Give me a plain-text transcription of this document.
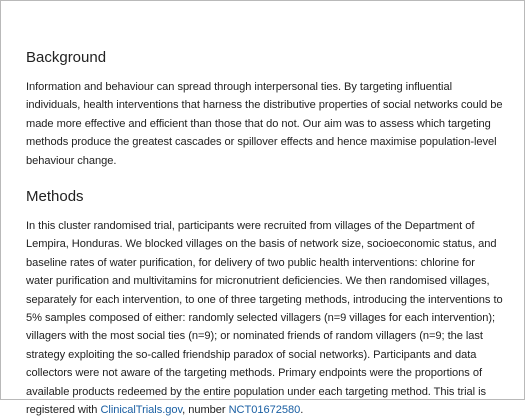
Background

Information and behaviour can spread through interpersonal ties. By targeting influential individuals, health interventions that harness the distributive properties of social networks could be made more effective and efficient than those that do not. Our aim was to assess which targeting methods produce the greatest cascades or spillover effects and hence maximise population-level behaviour change.

Methods

In this cluster randomised trial, participants were recruited from villages of the Department of Lempira, Honduras. We blocked villages on the basis of network size, socioeconomic status, and baseline rates of water purification, for delivery of two public health interventions: chlorine for water purification and multivitamins for micronutrient deficiencies. We then randomised villages, separately for each intervention, to one of three targeting methods, introducing the interventions to 5% samples composed of either: randomly selected villagers (n=9 villages for each intervention); villagers with the most social ties (n=9); or nominated friends of random villagers (n=9; the last strategy exploiting the so-called friendship paradox of social networks). Participants and data collectors were not aware of the targeting methods. Primary endpoints were the proportions of available products redeemed by the entire population under each targeting method. This trial is registered with ClinicalTrials.gov, number NCT01672580.
